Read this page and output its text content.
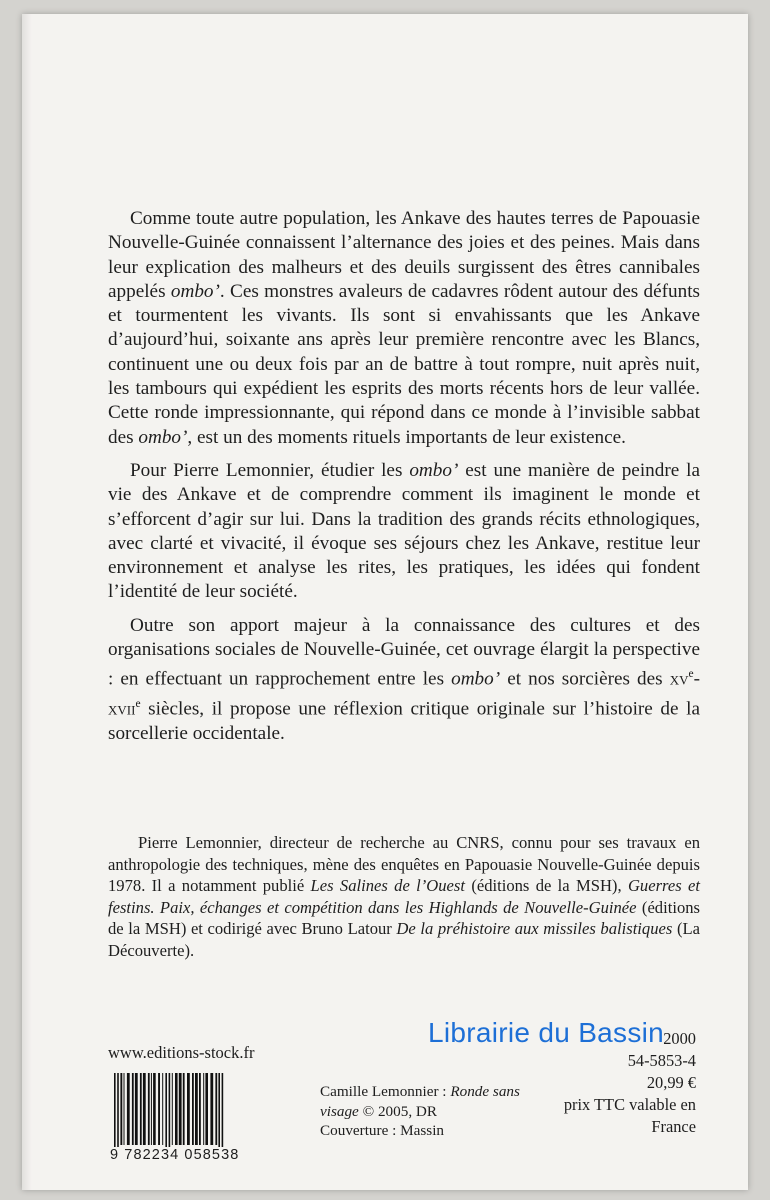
Comme toute autre population, les Ankave des hautes terres de Papouasie Nouvelle-Guinée connaissent l’alternance des joies et des peines. Mais dans leur explication des malheurs et des deuils surgissent des êtres cannibales appelés ombo’. Ces monstres avaleurs de cadavres rôdent autour des défunts et tourmentent les vivants. Ils sont si envahissants que les Ankave d’aujourd’hui, soixante ans après leur première rencontre avec les Blancs, continuent une ou deux fois par an de battre à tout rompre, nuit après nuit, les tambours qui expédient les esprits des morts récents hors de leur vallée. Cette ronde impressionnante, qui répond dans ce monde à l’invisible sabbat des ombo’, est un des moments rituels importants de leur existence.

Pour Pierre Lemonnier, étudier les ombo’ est une manière de peindre la vie des Ankave et de comprendre comment ils imaginent le monde et s’efforcent d’agir sur lui. Dans la tradition des grands récits ethnologiques, avec clarté et vivacité, il évoque ses séjours chez les Ankave, restitue leur environnement et analyse les rites, les pratiques, les idées qui fondent l’identité de leur société.

Outre son apport majeur à la connaissance des cultures et des organisations sociales de Nouvelle-Guinée, cet ouvrage élargit la perspective : en effectuant un rapprochement entre les ombo’ et nos sorcières des $xv^e-xvii^e$ siècles, il propose une réflexion critique originale sur l’histoire de la sorcellerie occidentale.

Pierre Lemonnier, directeur de recherche au CNRS, connu pour ses travaux en anthropologie des techniques, mène des enquêtes en Papouasie Nouvelle-Guinée depuis 1978. Il a notamment publié Les Salines de l’Ouest (éditions de la MSH), Guerres et festins. Paix, échanges et compétition dans les Highlands de Nouvelle-Guinée (éditions de la MSH) et codirigé avec Bruno Latour De la préhistoire aux missiles balistiques (La Découverte).
www.editions-stock.fr
2000
54-5853-4
20,99 €
prix TTC valable en France
Librairie du Bassin
9 782234 058538
Camille Lemonnier : Ronde sans visage © 2005, DR
Couverture : Massin
